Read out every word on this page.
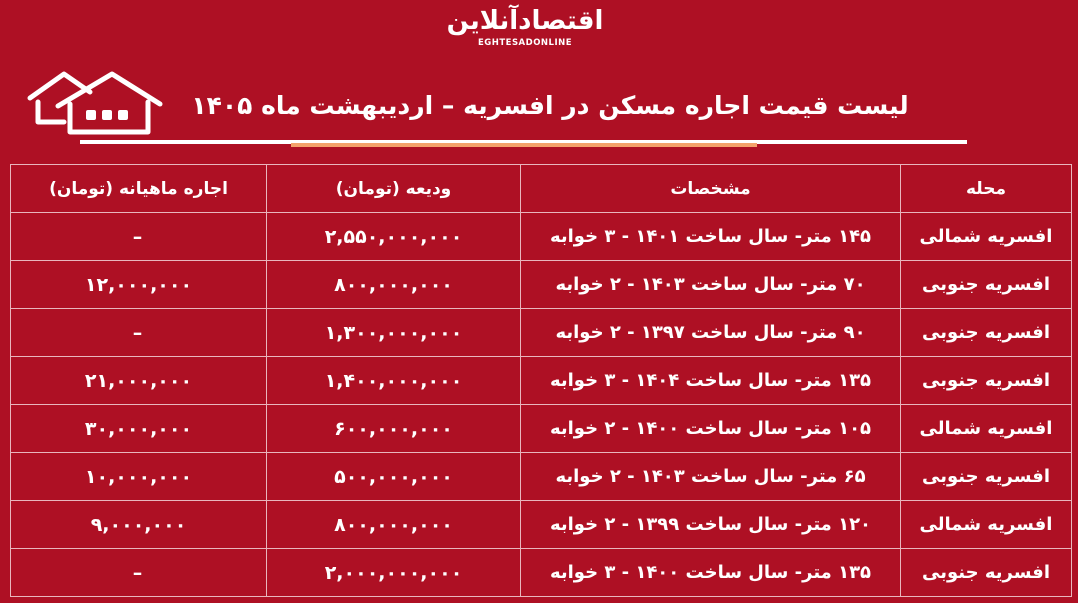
اقتصادآنلاین
EGHTESADONLINE
لیست قیمت اجاره مسکن در افسریه – اردیبهشت ماه ۱۴۰۵
محله	مشخصات	ودیعه (تومان)	اجاره ماهیانه (تومان)
افسریه شمالی	۱۴۵ متر- سال ساخت ۱۴۰۱ - ۳ خوابه	۲,۵۵۰,۰۰۰,۰۰۰	–
افسریه جنوبی	۷۰ متر- سال ساخت ۱۴۰۳ - ۲ خوابه	۸۰۰,۰۰۰,۰۰۰	۱۲,۰۰۰,۰۰۰
افسریه جنوبی	۹۰ متر- سال ساخت ۱۳۹۷ - ۲ خوابه	۱,۳۰۰,۰۰۰,۰۰۰	–
افسریه جنوبی	۱۳۵ متر- سال ساخت ۱۴۰۴ - ۳ خوابه	۱,۴۰۰,۰۰۰,۰۰۰	۲۱,۰۰۰,۰۰۰
افسریه شمالی	۱۰۵ متر- سال ساخت ۱۴۰۰ - ۲ خوابه	۶۰۰,۰۰۰,۰۰۰	۳۰,۰۰۰,۰۰۰
افسریه جنوبی	۶۵ متر- سال ساخت ۱۴۰۳ - ۲ خوابه	۵۰۰,۰۰۰,۰۰۰	۱۰,۰۰۰,۰۰۰
افسریه شمالی	۱۲۰ متر- سال ساخت ۱۳۹۹ - ۲ خوابه	۸۰۰,۰۰۰,۰۰۰	۹,۰۰۰,۰۰۰
افسریه جنوبی	۱۳۵ متر- سال ساخت ۱۴۰۰ - ۳ خوابه	۲,۰۰۰,۰۰۰,۰۰۰	–
